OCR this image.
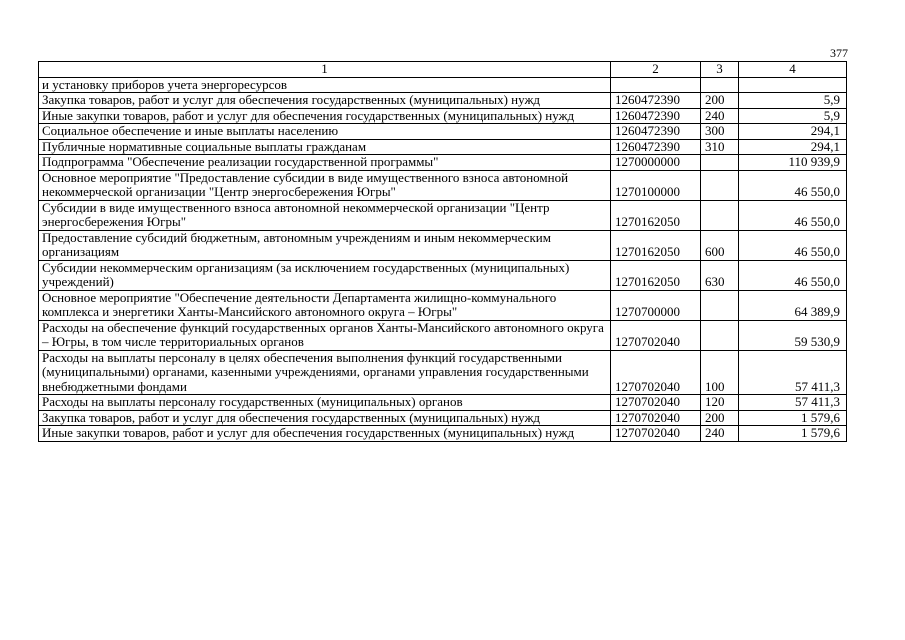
377
1	2	3	4
и установку приборов учета энергоресурсов			
Закупка товаров, работ и услуг для обеспечения государственных (муниципальных) нужд	1260472390	200	5,9
Иные закупки товаров, работ и услуг для обеспечения государственных (муниципальных) нужд	1260472390	240	5,9
Социальное обеспечение и иные выплаты населению	1260472390	300	294,1
Публичные нормативные социальные выплаты гражданам	1260472390	310	294,1
Подпрограмма "Обеспечение реализации государственной программы"	1270000000		110 939,9
Основное мероприятие "Предоставление субсидии в виде имущественного взноса автономной некоммерческой организации "Центр энергосбережения Югры"	1270100000		46 550,0
Субсидии в виде имущественного взноса автономной некоммерческой организации "Центр энергосбережения Югры"	1270162050		46 550,0
Предоставление субсидий бюджетным, автономным учреждениям и иным некоммерческим организациям	1270162050	600	46 550,0
Субсидии некоммерческим организациям (за исключением государственных (муниципальных) учреждений)	1270162050	630	46 550,0
Основное мероприятие "Обеспечение деятельности Департамента жилищно-коммунального комплекса и энергетики Ханты-Мансийского автономного округа – Югры"	1270700000		64 389,9
Расходы на обеспечение функций государственных органов Ханты-Мансийского автономного округа – Югры, в том числе территориальных органов	1270702040		59 530,9
Расходы на выплаты персоналу в целях обеспечения выполнения функций государственными (муниципальными) органами, казенными учреждениями, органами управления государственными внебюджетными фондами	1270702040	100	57 411,3
Расходы на выплаты персоналу государственных (муниципальных) органов	1270702040	120	57 411,3
Закупка товаров, работ и услуг для обеспечения государственных (муниципальных) нужд	1270702040	200	1 579,6
Иные закупки товаров, работ и услуг для обеспечения государственных (муниципальных) нужд	1270702040	240	1 579,6
